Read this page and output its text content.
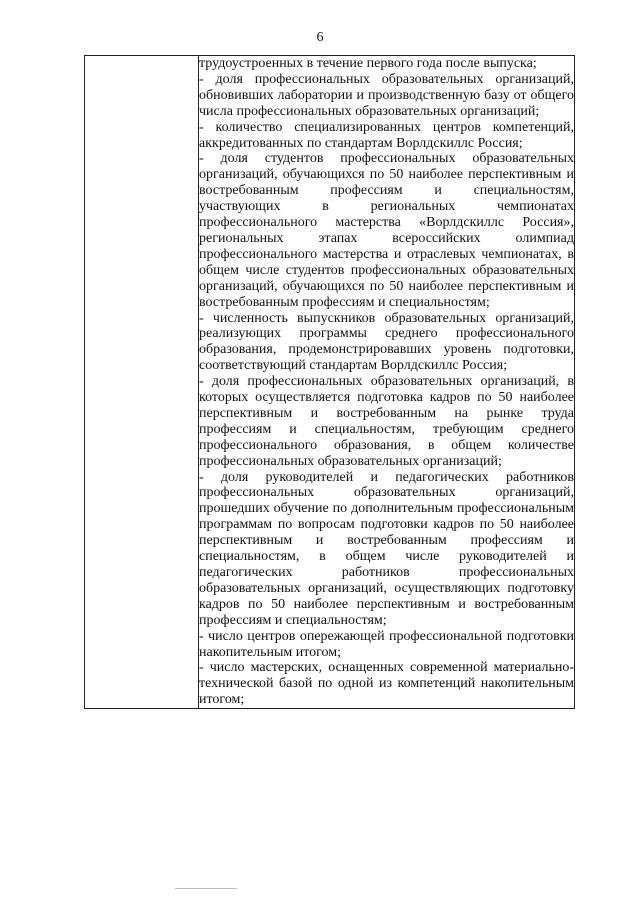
6

трудоустроенных в течение первого года после выпуска;

- доля профессиональных образовательных организаций, обновивших лаборатории и производственную базу от общего числа профессиональных образовательных организаций;

- количество специализированных центров компетенций, аккредитованных по стандартам Ворлдскиллс Россия;

- доля студентов профессиональных образовательных организаций, обучающихся по 50 наиболее перспективным и востребованным профессиям и специальностям, участвующих в региональных чемпионатах профессионального мастерства «Ворлдскиллс Россия», региональных этапах всероссийских олимпиад профессионального мастерства и отраслевых чемпионатах, в общем числе студентов профессиональных образовательных организаций, обучающихся по 50 наиболее перспективным и востребованным профессиям и специальностям;

- численность выпускников образовательных организаций, реализующих программы среднего профессионального образования, продемонстрировавших уровень подготовки, соответствующий стандартам Ворлдскиллс Россия;

- доля профессиональных образовательных организаций, в которых осуществляется подготовка кадров по 50 наиболее перспективным и востребованным на рынке труда профессиям и специальностям, требующим среднего профессионального образования, в общем количестве профессиональных образовательных организаций;

- доля руководителей и педагогических работников профессиональных образовательных организаций, прошедших обучение по дополнительным профессиональным программам по вопросам подготовки кадров по 50 наиболее перспективным и востребованным профессиям и специальностям, в общем числе руководителей и педагогических работников профессиональных образовательных организаций, осуществляющих подготовку кадров по 50 наиболее перспективным и востребованным профессиям и специальностям;

- число центров опережающей профессиональной подготовки накопительным итогом;

- число мастерских, оснащенных современной материально-технической базой по одной из компетенций накопительным итогом;
